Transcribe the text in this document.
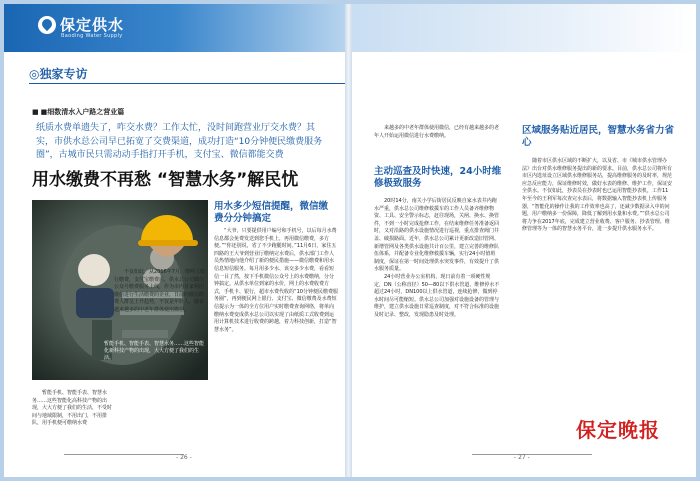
保定供水
Baoding Water Supply
◎独家专访
■ ■细数清水入户路之营业篇

纸质水费单遗失了，咋交水费？工作太忙，没时间跑营业厅交水费？其实，市供水总公司早已拓宽了交费渠道，成功打造“10分钟便民缴费服务圈”，古城市民只需动动手指打开手机，支付宝、微信都能交费

用水缴费不再愁 “智慧水务”解民忧
暂能手机、智能手表、智慧水务……这些智能化新科技产物的出现，大大方便了我们的生活。

暂能手机、智能手表、智慧水务……这些智能化高科技产物的出现，大大方便了我们的生活，不受时间与地域限制，不用出门，不用排队，用手机便可缴纳水费

用水多少短信提醒，微信缴费分分钟搞定

“大爷，只要提供用户编号和手机号，以后每月水费信息都会免费发送到您手机上，再用微信缴费，多方便。”“你还别说，省了不少跑腿时间。”11月6日，家住五四路的王大爷到营业厅缴纳完水费后，供水部门工作人员热情地向他介绍了新的便民措施——微信缴费和用水信息短信服务。每月用多少水、该交多少水费，看看短信一目了然，按下手机微信公众号上的水费缴纳，分分钟搞定。从供水单位到家的水价，网上的水费收费方式，手机卡、银行，超市水费代收的“10分钟便民缴费服务圈”，再到便民网上银行、支付宝、微信缴费及水费短信提示为一体的全方位用户实时缴费查询网络，将单向缴纳水费变成供水总公司以实现了由纸质工式收费到运用计算机技术进行收费的跨越，着力科技创新，打造“智慧水务”。

不仅如此，从2016年7月，增网上银行缴费，支付宝缴费后，供水总公司微信公众号缴费服务上线，作为市内首家利用微信进行生活缴费的企业，日前的微信缴费人群呈上升趋势，不仅是年轻人，随着越来越多的中老年群体使用微信。

- 26 -

来越多的中老年群体使用微信，已经有越来越多的老年人开始运用微信进行水费缴纳。

主动巡查及时快速，24小时维修极致服务

20时14分，南关小学后街居民反映自家水表井内跑水严重，供水总公司维修救援车的工作人员备齐维修物资、工具、安全警示标志，赶往现场，关闸、换水、换管件，不到一小时完成抢修工作，在结束维修任务准备返回时，又对沿路的供水设施情况进行巡视，重点排查阀门井盖、破损路面。近年，供水总公司累计更新改造旧管网、新增管网及各类供水设施共计百公里，建立完善的维修队伍体系，并配备专业化维修救援车辆，实行24小时值班制度，保证在第一时间处理供水突发事件，有效提升了供水服务质量。

24小时营业办公室机构，现日前有着一项硬性规定，DN（公称直径）50—80以下供水管道，维修停水不超过24小时，DN100以上供水管道，连续抢修，做到停水时间尽可能缩短。供水总公司加强对设施设备的管理与维护，建立供水设施日常巡查制度，对不符合标准的设施及时记录、整改，发现隐患及时处理。

区域服务贴近居民，智慧水务省力省心

随着市区供水区域的不断扩大，以及省、市《城市供水管理办法》出台对供水维修服务提出的新的要求。目前，供水总公司将所有市区内选址设立区域供水维修服务站，提高维修服务的及时率，规范应急反应能力，保证维修时效，做好水表的维修、维护工作，保证安全供水。不仅如此，抄表员在抄表时也已运用智能抄表机，工作11年至今的王利军每次查完水表后，将数据输入智能抄表机上传服务器，“智能化的操作让我的工作效率也高了，还减少数据录入中的问题，用户缴纳多一份保障，降低了解到用水量和水费。”“供水总公司将力争在2017年底，完成建立营业收费、客户服务、抄表管理、维修管理等为一体的智慧水务平台，进一步提升供水服务水平。

保定晚报
- 27 -
